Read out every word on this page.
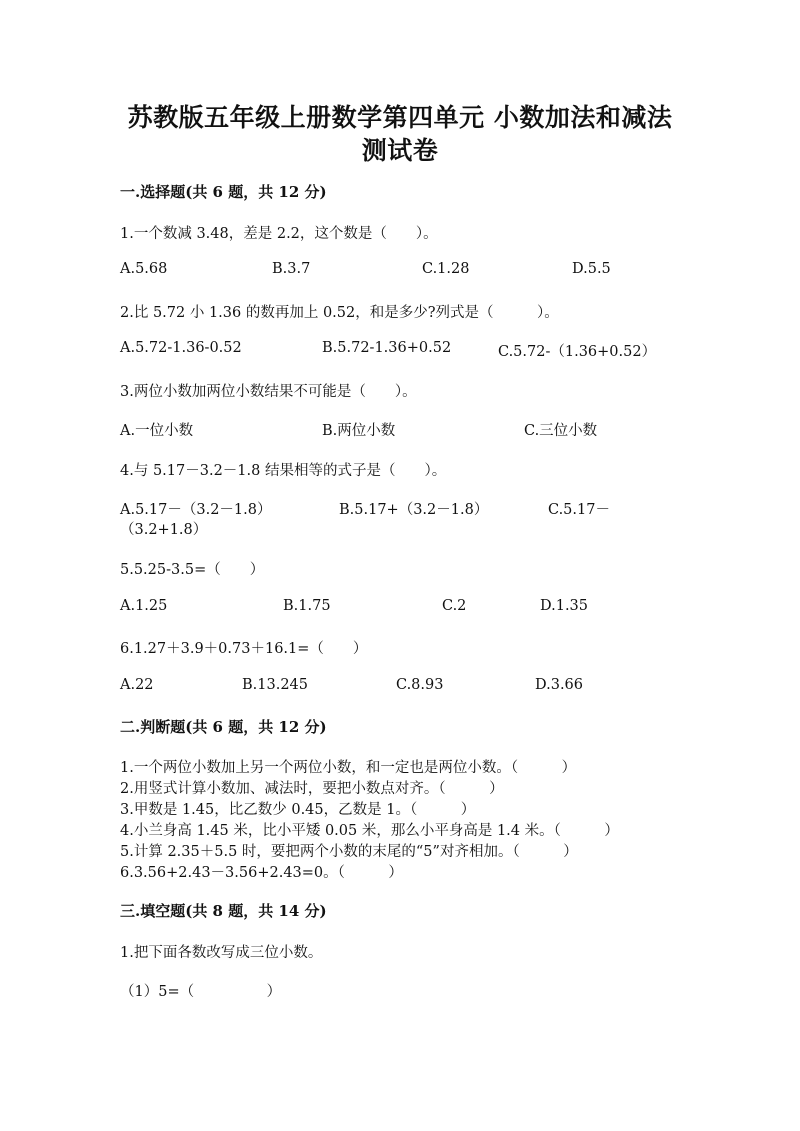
苏教版五年级上册数学第四单元 小数加法和减法
测试卷
一.选择题(共 6 题，共 12 分)
1.一个数减 3.48，差是 2.2，这个数是（　　）。
A.5.68	B.3.7	C.1.28	D.5.5
2.比 5.72 小 1.36 的数再加上 0.52，和是多少?列式是（　　　）。
A.5.72-1.36-0.52	B.5.72-1.36+0.52	C.5.72-（1.36+0.52）
3.两位小数加两位小数结果不可能是（　　）。
A.一位小数	B.两位小数	C.三位小数
4.与 5.17－3.2－1.8 结果相等的式子是（　　）。
A.5.17－（3.2－1.8）	B.5.17+（3.2－1.8）	C.5.17－
（3.2+1.8）
5.5.25-3.5=（　　）
A.1.25	B.1.75	C.2	D.1.35
6.1.27＋3.9＋0.73＋16.1=（　　）
A.22	B.13.245	C.8.93	D.3.66
二.判断题(共 6 题，共 12 分)
1.一个两位小数加上另一个两位小数，和一定也是两位小数。（　　　）
2.用竖式计算小数加、减法时，要把小数点对齐。（　　　）
3.甲数是 1.45，比乙数少 0.45，乙数是 1。（　　　）
4.小兰身高 1.45 米，比小平矮 0.05 米，那么小平身高是 1.4 米。（　　　）
5.计算 2.35＋5.5 时，要把两个小数的末尾的“5”对齐相加。（　　　）
6.3.56+2.43－3.56+2.43=0。（　　　）
三.填空题(共 8 题，共 14 分)
1.把下面各数改写成三位小数。
（1）5=（　　　　　）
